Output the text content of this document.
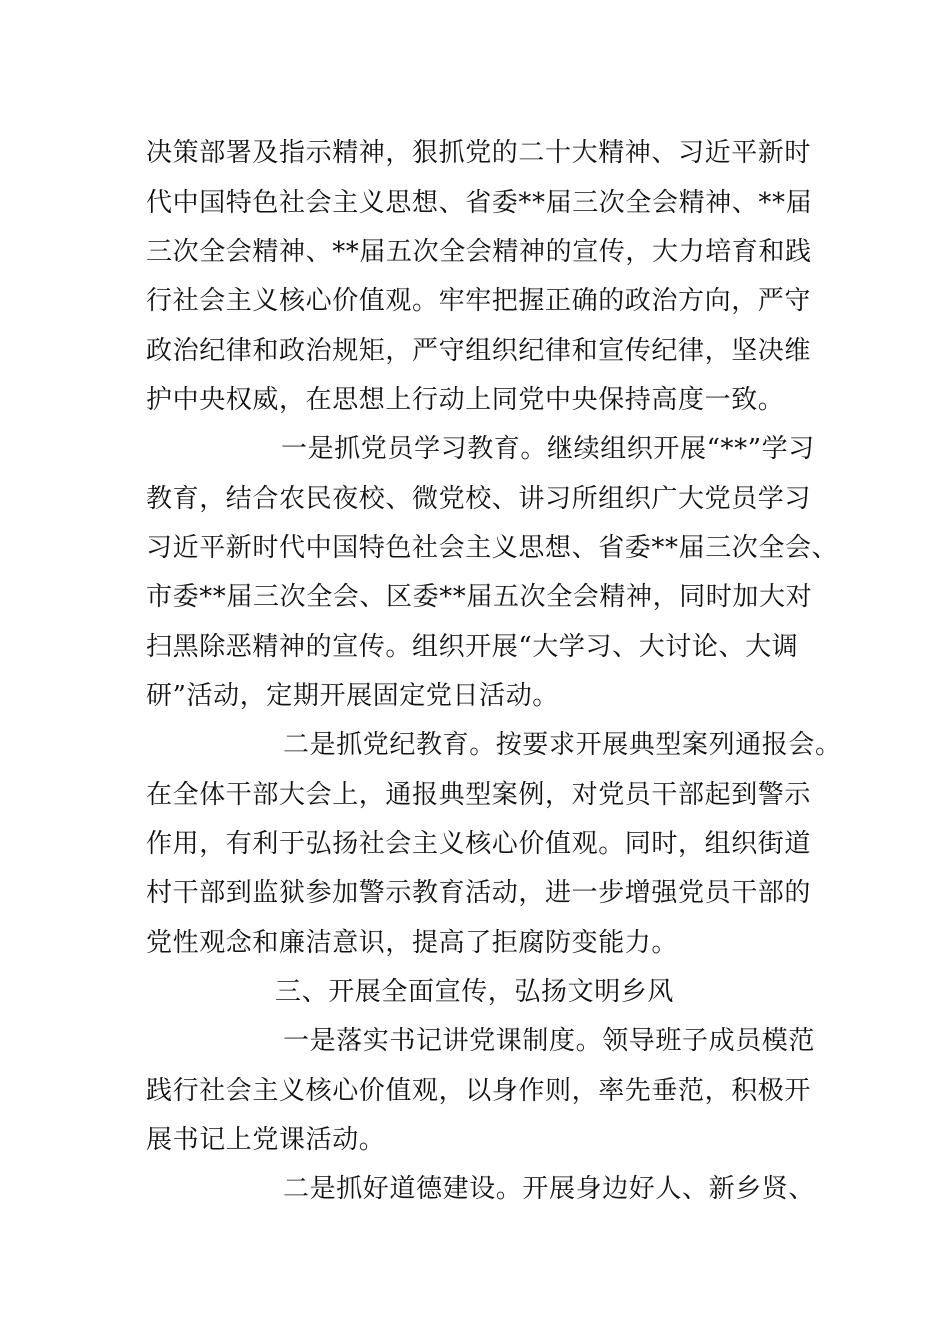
决策部署及指示精神，狠抓党的二十大精神、习近平新时
代中国特色社会主义思想、省委**届三次全会精神、**届
三次全会精神、**届五次全会精神的宣传，大力培育和践
行社会主义核心价值观。牢牢把握正确的政治方向，严守
政治纪律和政治规矩，严守组织纪律和宣传纪律，坚决维
护中央权威，在思想上行动上同党中央保持高度一致。
一是抓党员学习教育。继续组织开展“**”学习
教育，结合农民夜校、微党校、讲习所组织广大党员学习
习近平新时代中国特色社会主义思想、省委**届三次全会、
市委**届三次全会、区委**届五次全会精神，同时加大对
扫黑除恶精神的宣传。组织开展“大学习、大讨论、大调
研”活动，定期开展固定党日活动。
二是抓党纪教育。按要求开展典型案列通报会。
在全体干部大会上，通报典型案例，对党员干部起到警示
作用，有利于弘扬社会主义核心价值观。同时，组织街道
村干部到监狱参加警示教育活动，进一步增强党员干部的
党性观念和廉洁意识，提高了拒腐防变能力。
三、开展全面宣传，弘扬文明乡风
一是落实书记讲党课制度。领导班子成员模范
践行社会主义核心价值观，以身作则，率先垂范，积极开
展书记上党课活动。
二是抓好道德建设。开展身边好人、新乡贤、
